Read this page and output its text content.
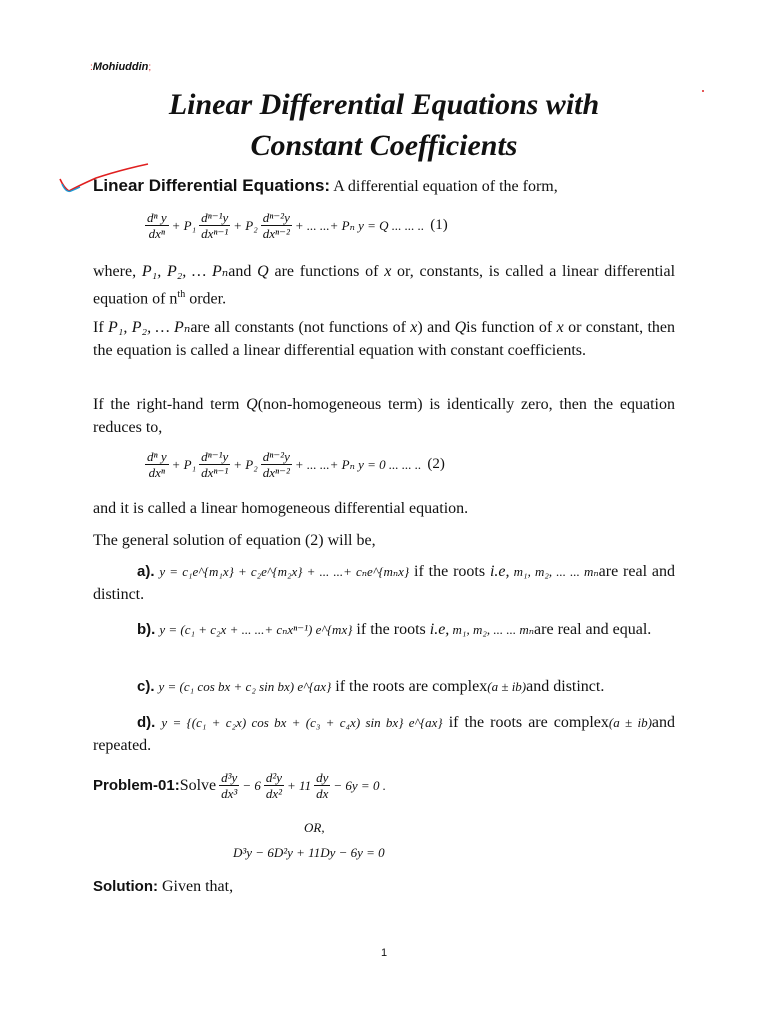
:Mohiuddin;
Linear Differential Equations with
Constant Coefficients
Linear Differential Equations: A differential equation of the form,
$\frac{\text{dⁿ y}}{\text{dxⁿ}} + P_1 \frac{\text{dⁿ⁻¹y}}{\text{dxⁿ⁻¹}} + P_2 \frac{\text{dⁿ⁻²y}}{\text{dxⁿ⁻²}}$ + ... ...+ Pₙ y = Q ... ... .. (1)
where, P₁, P₂, … Pₙand Q are functions of x or, constants, is called a linear differential equation of $n^{th}$ order.
If P₁, P₂, … Pₙare all constants (not functions of x) and Qis function of x or constant, then the equation is called a linear differential equation with constant coefficients.
If the right-hand term Q(non-homogeneous term) is identically zero, then the equation reduces to,
$\frac{\text{dⁿ y}}{\text{dxⁿ}} + P_1 \frac{\text{dⁿ⁻¹y}}{\text{dxⁿ⁻¹}} + P_2 \frac{\text{dⁿ⁻²y}}{\text{dxⁿ⁻²}}$ + ... ...+ Pₙ y = 0 ... ... .. (2)
and it is called a linear homogeneous differential equation.
The general solution of equation (2) will be,
a). y = c₁e^{m₁x} + c₂e^{m₂x} + ... ...+ cₙe^{mₙx} if the roots i.e, m₁, m₂, ... ... mₙare real and distinct.
b). y = (c₁ + c₂x + ... ...+ cₙxⁿ⁻¹) e^{mx} if the roots i.e, m₁, m₂, ... ... mₙare real and equal.
c). y = (c₁ cos bx + c₂ sin bx) e^{ax} if the roots are complex(a ± ib)and distinct.
d). y = {(c₁ + c₂x) cos bx + (c₃ + c₄x) sin bx} e^{ax} if the roots are complex(a ± ib)and repeated.
Problem-01: Solve $\frac{\text{d³y}}{\text{dx³}} - 6 \frac{\text{d²y}}{\text{dx²}} + 11 \frac{dy}{dx} - 6y = 0$ .
OR,
D³y − 6D²y + 11Dy − 6y = 0
Solution: Given that,
1
